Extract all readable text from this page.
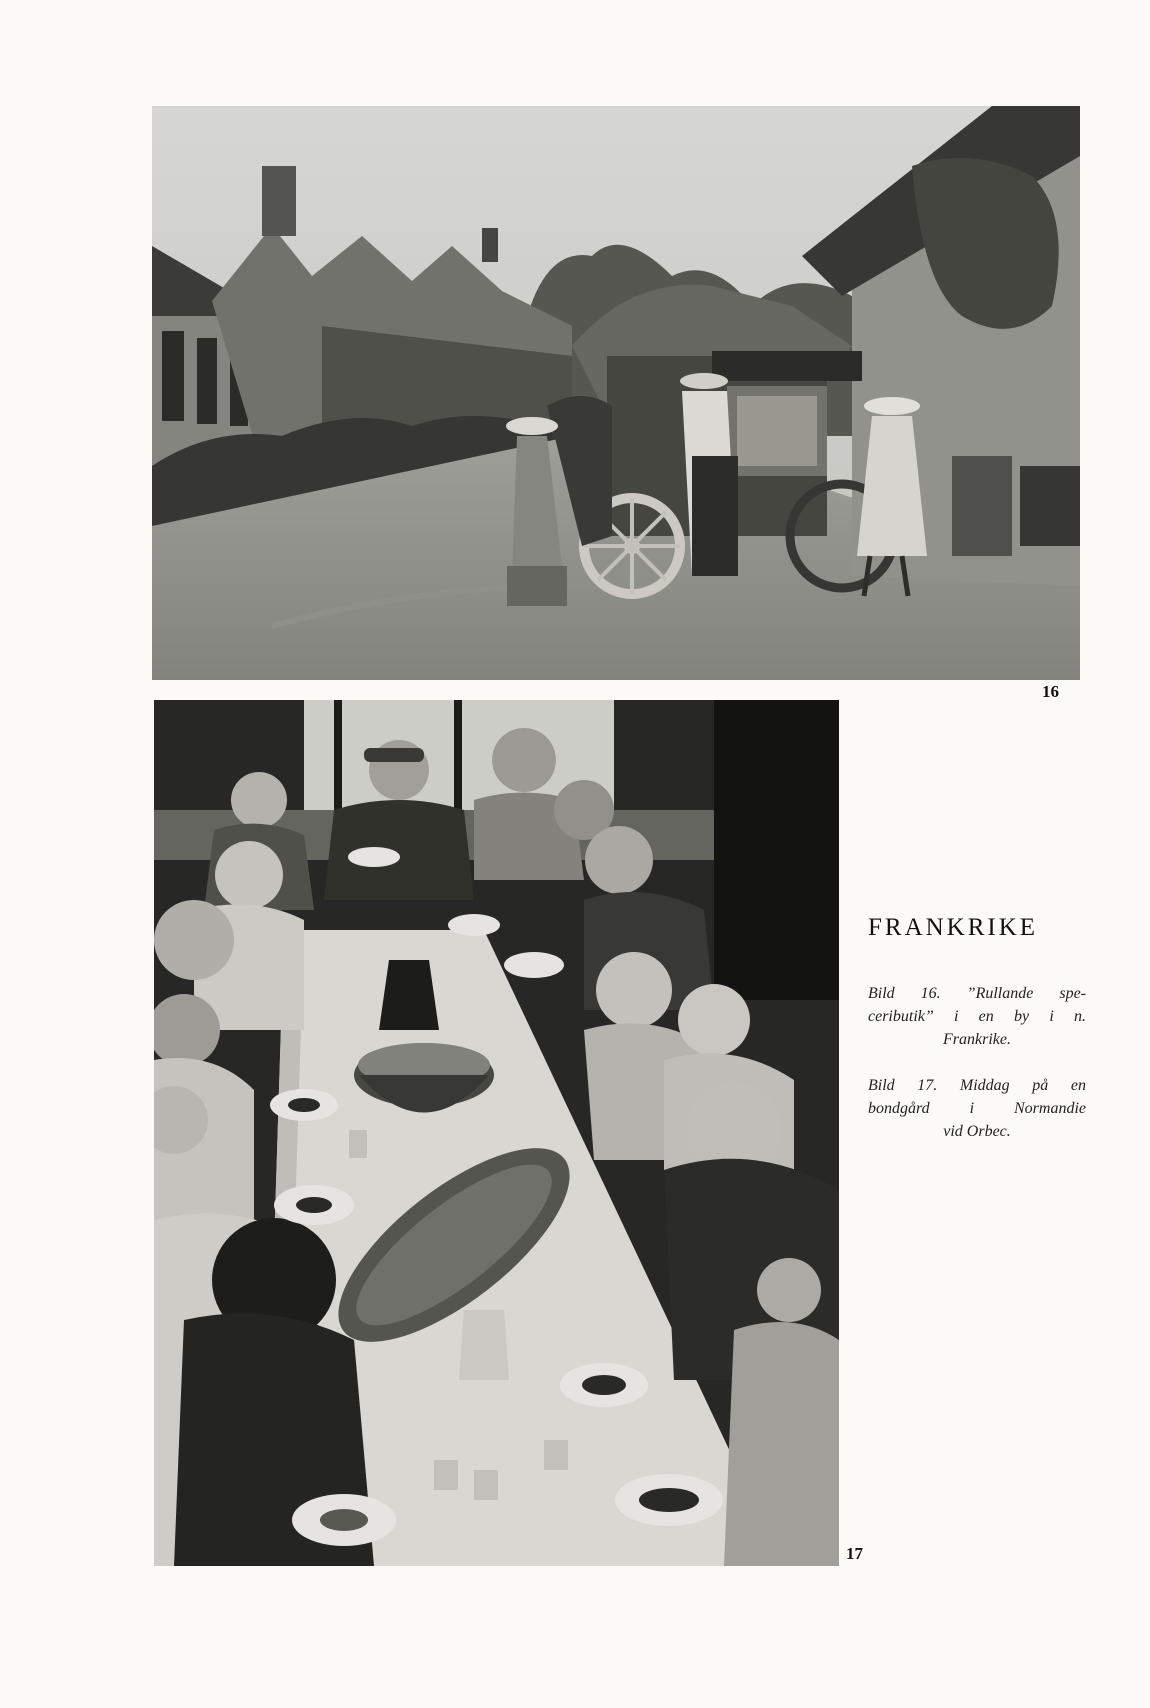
16
17
FRANKRIKE
Bild 16. ”Rullande spe-
ceributik” i en by i n.
Frankrike.
Bild 17. Middag på en
bondgård i Normandie
vid Orbec.
